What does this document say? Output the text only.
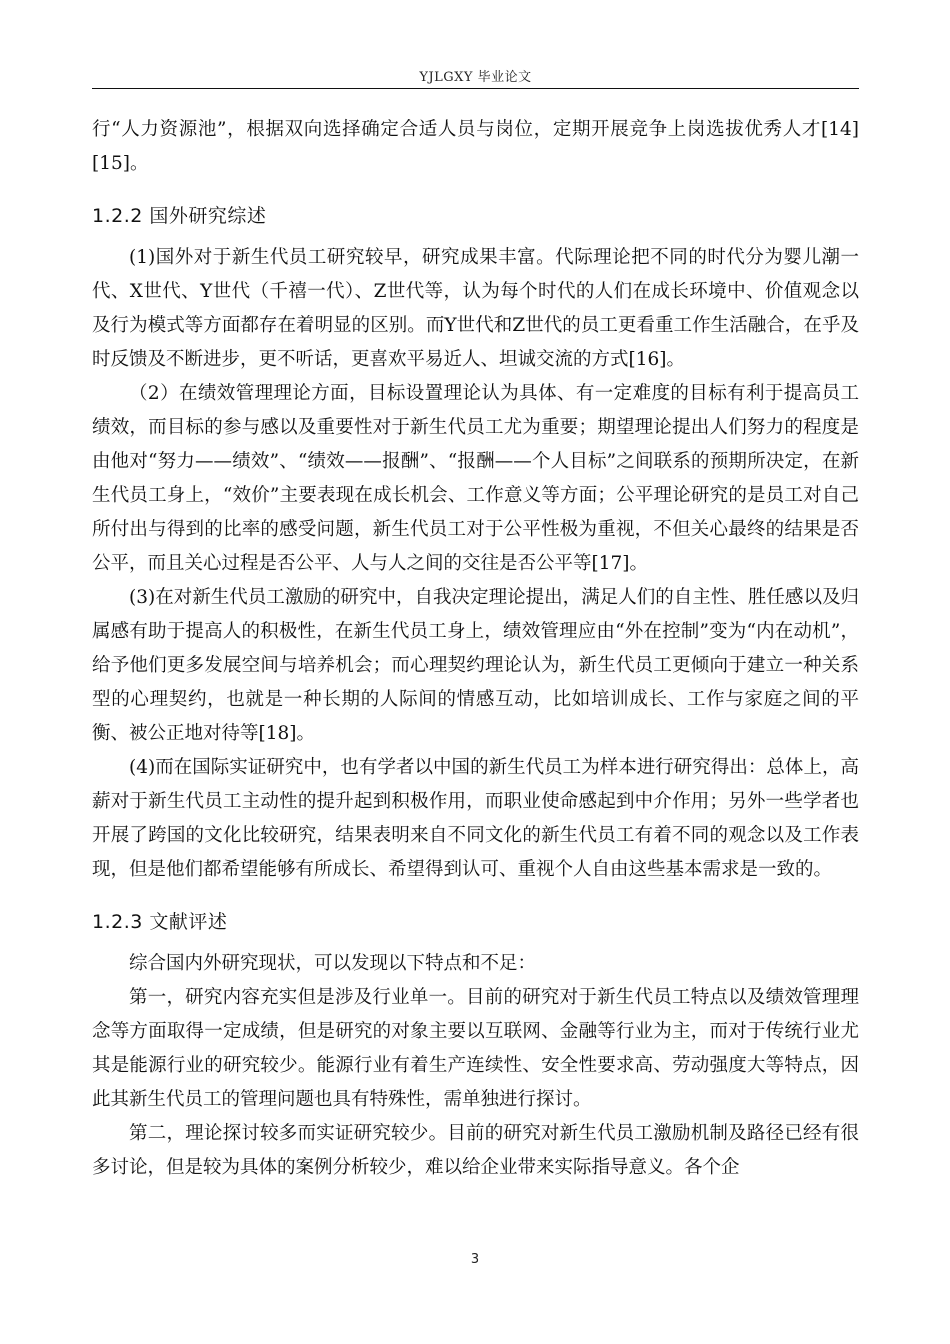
YJLGXY 毕业论文

行“人力资源池”，根据双向选择确定合适人员与岗位，定期开展竞争上岗选拔优秀人才[14][15]。

1.2.2 国外研究综述

(1)国外对于新生代员工研究较早，研究成果丰富。代际理论把不同的时代分为婴儿潮一代、X世代、Y世代（千禧一代）、Z世代等，认为每个时代的人们在成长环境中、价值观念以及行为模式等方面都存在着明显的区别。而Y世代和Z世代的员工更看重工作生活融合，在乎及时反馈及不断进步，更不听话，更喜欢平易近人、坦诚交流的方式[16]。

（2）在绩效管理理论方面，目标设置理论认为具体、有一定难度的目标有利于提高员工绩效，而目标的参与感以及重要性对于新生代员工尤为重要；期望理论提出人们努力的程度是由他对“努力——绩效”、“绩效——报酬”、“报酬——个人目标”之间联系的预期所决定，在新生代员工身上，“效价”主要表现在成长机会、工作意义等方面；公平理论研究的是员工对自己所付出与得到的比率的感受问题，新生代员工对于公平性极为重视，不但关心最终的结果是否公平，而且关心过程是否公平、人与人之间的交往是否公平等[17]。

(3)在对新生代员工激励的研究中，自我决定理论提出，满足人们的自主性、胜任感以及归属感有助于提高人的积极性，在新生代员工身上，绩效管理应由“外在控制”变为“内在动机”，给予他们更多发展空间与培养机会；而心理契约理论认为，新生代员工更倾向于建立一种关系型的心理契约，也就是一种长期的人际间的情感互动，比如培训成长、工作与家庭之间的平衡、被公正地对待等[18]。

(4)而在国际实证研究中，也有学者以中国的新生代员工为样本进行研究得出：总体上，高薪对于新生代员工主动性的提升起到积极作用，而职业使命感起到中介作用；另外一些学者也开展了跨国的文化比较研究，结果表明来自不同文化的新生代员工有着不同的观念以及工作表现，但是他们都希望能够有所成长、希望得到认可、重视个人自由这些基本需求是一致的。

1.2.3 文献评述

综合国内外研究现状，可以发现以下特点和不足：

第一，研究内容充实但是涉及行业单一。目前的研究对于新生代员工特点以及绩效管理理念等方面取得一定成绩，但是研究的对象主要以互联网、金融等行业为主，而对于传统行业尤其是能源行业的研究较少。能源行业有着生产连续性、安全性要求高、劳动强度大等特点，因此其新生代员工的管理问题也具有特殊性，需单独进行探讨。

第二，理论探讨较多而实证研究较少。目前的研究对新生代员工激励机制及路径已经有很多讨论，但是较为具体的案例分析较少，难以给企业带来实际指导意义。各个企

3
